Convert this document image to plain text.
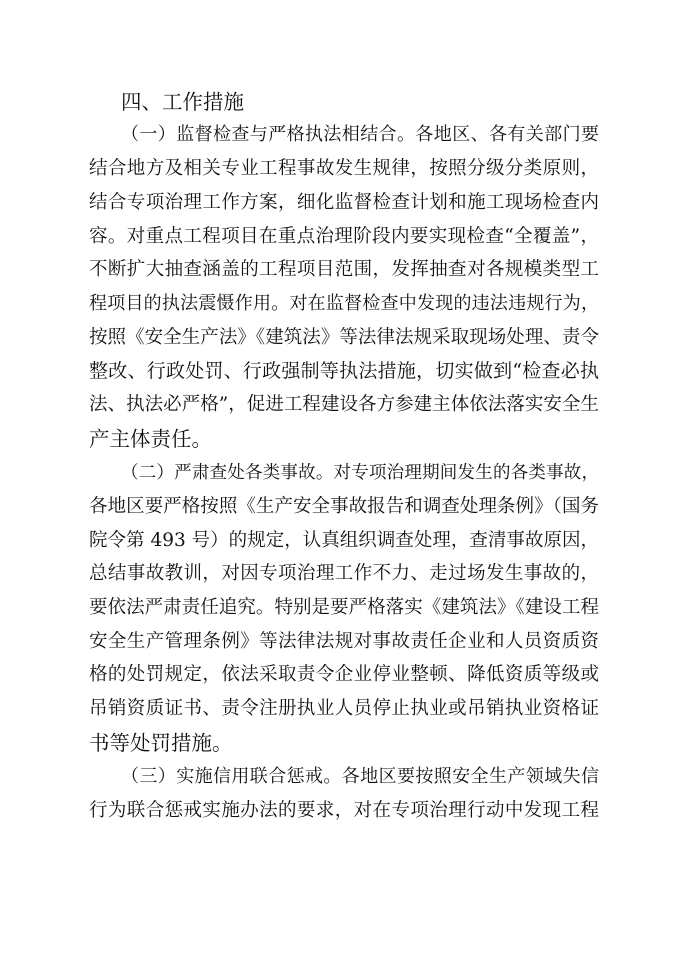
四、工作措施
（一）监督检查与严格执法相结合。各地区、各有关部门要
结合地方及相关专业工程事故发生规律，按照分级分类原则，
结合专项治理工作方案，细化监督检查计划和施工现场检查内
容。对重点工程项目在重点治理阶段内要实现检查“全覆盖”，
不断扩大抽查涵盖的工程项目范围，发挥抽查对各规模类型工
程项目的执法震慑作用。对在监督检查中发现的违法违规行为，
按照《安全生产法》《建筑法》等法律法规采取现场处理、责令
整改、行政处罚、行政强制等执法措施，切实做到“检查必执
法、执法必严格”，促进工程建设各方参建主体依法落实安全生
产主体责任。
（二）严肃查处各类事故。对专项治理期间发生的各类事故，
各地区要严格按照《生产安全事故报告和调查处理条例》（国务
院令第 493 号）的规定，认真组织调查处理，查清事故原因，
总结事故教训，对因专项治理工作不力、走过场发生事故的，
要依法严肃责任追究。特别是要严格落实《建筑法》《建设工程
安全生产管理条例》等法律法规对事故责任企业和人员资质资
格的处罚规定，依法采取责令企业停业整顿、降低资质等级或
吊销资质证书、责令注册执业人员停止执业或吊销执业资格证
书等处罚措施。
（三）实施信用联合惩戒。各地区要按照安全生产领域失信
行为联合惩戒实施办法的要求，对在专项治理行动中发现工程
